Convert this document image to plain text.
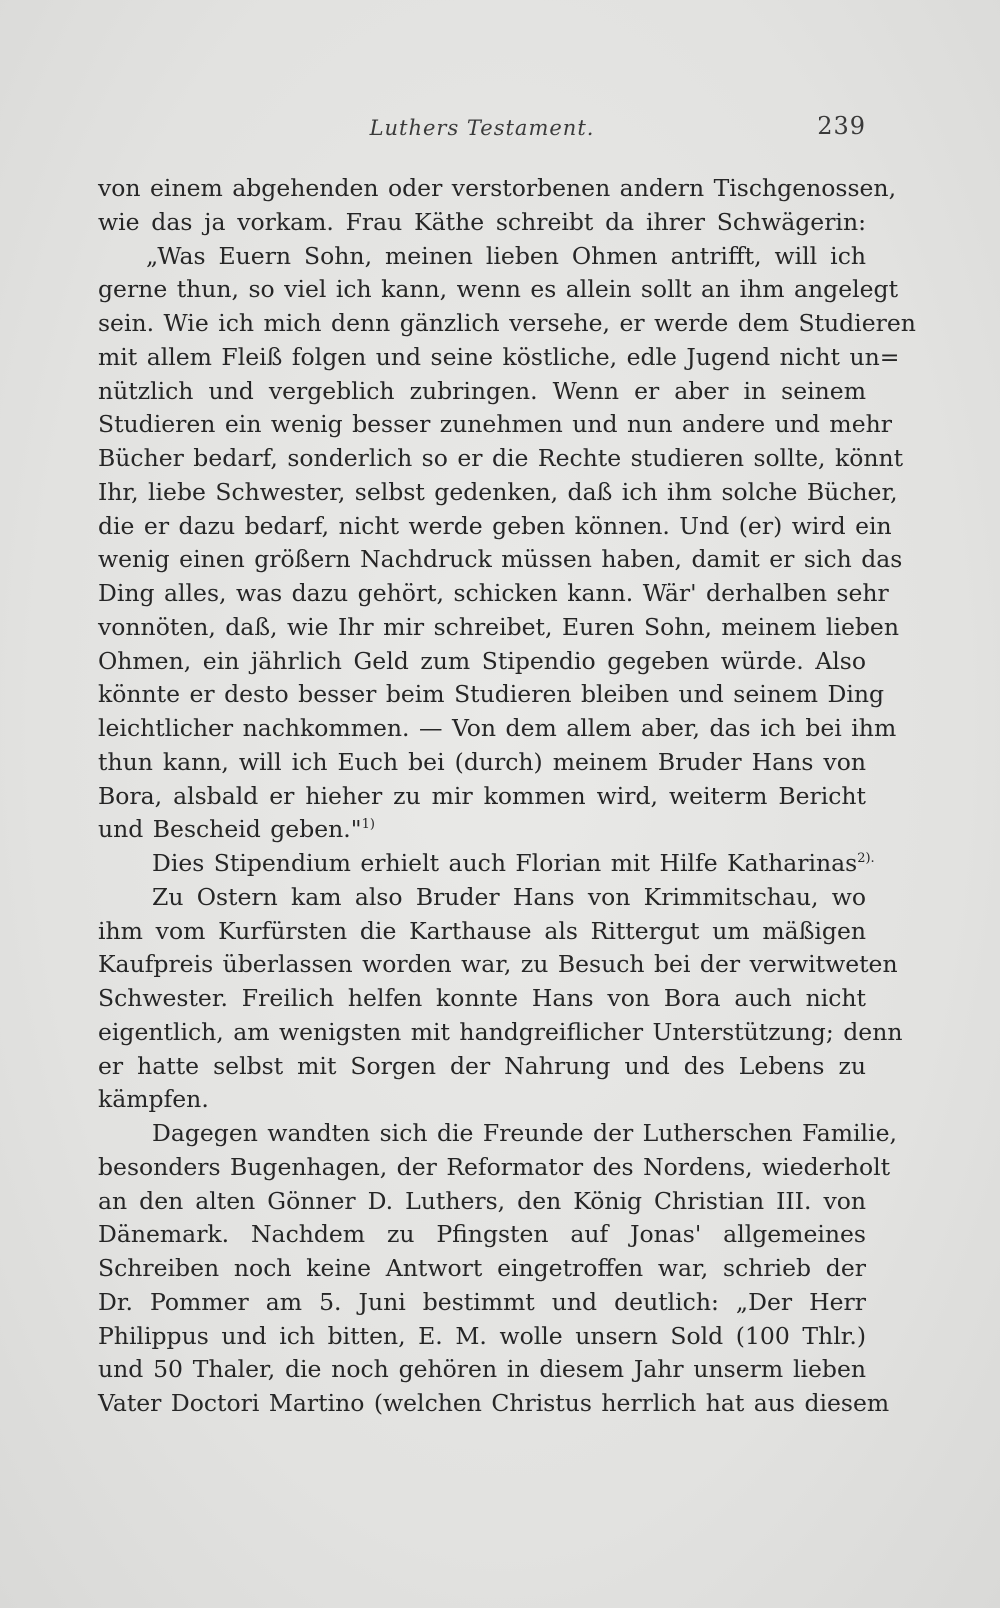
Luthers Testament.	239
von einem abgehenden oder verstorbenen andern Tischgenossen,
wie das ja vorkam. Frau Käthe schreibt da ihrer Schwägerin:
„Was Euern Sohn, meinen lieben Ohmen antrifft, will ich
gerne thun, so viel ich kann, wenn es allein sollt an ihm angelegt
sein. Wie ich mich denn gänzlich versehe, er werde dem Studieren
mit allem Fleiß folgen und seine köstliche, edle Jugend nicht un=
nützlich und vergeblich zubringen. Wenn er aber in seinem
Studieren ein wenig besser zunehmen und nun andere und mehr
Bücher bedarf, sonderlich so er die Rechte studieren sollte, könnt
Ihr, liebe Schwester, selbst gedenken, daß ich ihm solche Bücher,
die er dazu bedarf, nicht werde geben können. Und (er) wird ein
wenig einen größern Nachdruck müssen haben, damit er sich das
Ding alles, was dazu gehört, schicken kann. Wär' derhalben sehr
vonnöten, daß, wie Ihr mir schreibet, Euren Sohn, meinem lieben
Ohmen, ein jährlich Geld zum Stipendio gegeben würde. Also
könnte er desto besser beim Studieren bleiben und seinem Ding
leichtlicher nachkommen. — Von dem allem aber, das ich bei ihm
thun kann, will ich Euch bei (durch) meinem Bruder Hans von
Bora, alsbald er hieher zu mir kommen wird, weiterm Bericht
und Bescheid geben."$^{1)}$
Dies Stipendium erhielt auch Florian mit Hilfe Katharinas$^{2).}$
Zu Ostern kam also Bruder Hans von Krimmitschau, wo
ihm vom Kurfürsten die Karthause als Rittergut um mäßigen
Kaufpreis überlassen worden war, zu Besuch bei der verwitweten
Schwester. Freilich helfen konnte Hans von Bora auch nicht
eigentlich, am wenigsten mit handgreiflicher Unterstützung; denn
er hatte selbst mit Sorgen der Nahrung und des Lebens zu
kämpfen.
Dagegen wandten sich die Freunde der Lutherschen Familie,
besonders Bugenhagen, der Reformator des Nordens, wiederholt
an den alten Gönner D. Luthers, den König Christian III. von
Dänemark. Nachdem zu Pfingsten auf Jonas' allgemeines
Schreiben noch keine Antwort eingetroffen war, schrieb der
Dr. Pommer am 5. Juni bestimmt und deutlich: „Der Herr
Philippus und ich bitten, E. M. wolle unsern Sold (100 Thlr.)
und 50 Thaler, die noch gehören in diesem Jahr unserm lieben
Vater Doctori Martino (welchen Christus herrlich hat aus diesem
